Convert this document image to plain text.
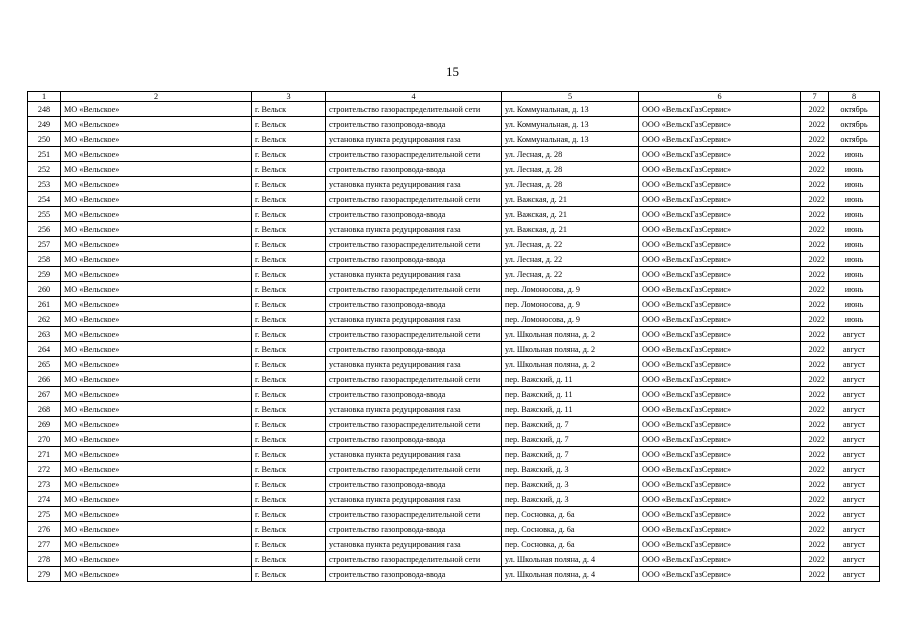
15
1	2	3	4	5	6	7	8
248	МО «Вельское»	г. Вельск	строительство газораспределительной сети	ул. Коммунальная, д. 13	ООО «ВельскГазСервис»	2022	октябрь
249	МО «Вельское»	г. Вельск	строительство газопровода-ввода	ул. Коммунальная, д. 13	ООО «ВельскГазСервис»	2022	октябрь
250	МО «Вельское»	г. Вельск	установка пункта редуцирования газа	ул. Коммунальная, д. 13	ООО «ВельскГазСервис»	2022	октябрь
251	МО «Вельское»	г. Вельск	строительство газораспределительной сети	ул. Лесная, д. 28	ООО «ВельскГазСервис»	2022	июнь
252	МО «Вельское»	г. Вельск	строительство газопровода-ввода	ул. Лесная, д. 28	ООО «ВельскГазСервис»	2022	июнь
253	МО «Вельское»	г. Вельск	установка пункта редуцирования газа	ул. Лесная, д. 28	ООО «ВельскГазСервис»	2022	июнь
254	МО «Вельское»	г. Вельск	строительство газораспределительной сети	ул. Важская, д. 21	ООО «ВельскГазСервис»	2022	июнь
255	МО «Вельское»	г. Вельск	строительство газопровода-ввода	ул. Важская, д. 21	ООО «ВельскГазСервис»	2022	июнь
256	МО «Вельское»	г. Вельск	установка пункта редуцирования газа	ул. Важская, д. 21	ООО «ВельскГазСервис»	2022	июнь
257	МО «Вельское»	г. Вельск	строительство газораспределительной сети	ул. Лесная, д. 22	ООО «ВельскГазСервис»	2022	июнь
258	МО «Вельское»	г. Вельск	строительство газопровода-ввода	ул. Лесная, д. 22	ООО «ВельскГазСервис»	2022	июнь
259	МО «Вельское»	г. Вельск	установка пункта редуцирования газа	ул. Лесная, д. 22	ООО «ВельскГазСервис»	2022	июнь
260	МО «Вельское»	г. Вельск	строительство газораспределительной сети	пер. Ломоносова, д. 9	ООО «ВельскГазСервис»	2022	июнь
261	МО «Вельское»	г. Вельск	строительство газопровода-ввода	пер. Ломоносова, д. 9	ООО «ВельскГазСервис»	2022	июнь
262	МО «Вельское»	г. Вельск	установка пункта редуцирования газа	пер. Ломоносова, д. 9	ООО «ВельскГазСервис»	2022	июнь
263	МО «Вельское»	г. Вельск	строительство газораспределительной сети	ул. Школьная поляна, д. 2	ООО «ВельскГазСервис»	2022	август
264	МО «Вельское»	г. Вельск	строительство газопровода-ввода	ул. Школьная поляна, д. 2	ООО «ВельскГазСервис»	2022	август
265	МО «Вельское»	г. Вельск	установка пункта редуцирования газа	ул. Школьная поляна, д. 2	ООО «ВельскГазСервис»	2022	август
266	МО «Вельское»	г. Вельск	строительство газораспределительной сети	пер. Важский, д. 11	ООО «ВельскГазСервис»	2022	август
267	МО «Вельское»	г. Вельск	строительство газопровода-ввода	пер. Важский, д. 11	ООО «ВельскГазСервис»	2022	август
268	МО «Вельское»	г. Вельск	установка пункта редуцирования газа	пер. Важский, д. 11	ООО «ВельскГазСервис»	2022	август
269	МО «Вельское»	г. Вельск	строительство газораспределительной сети	пер. Важский, д. 7	ООО «ВельскГазСервис»	2022	август
270	МО «Вельское»	г. Вельск	строительство газопровода-ввода	пер. Важский, д. 7	ООО «ВельскГазСервис»	2022	август
271	МО «Вельское»	г. Вельск	установка пункта редуцирования газа	пер. Важский, д. 7	ООО «ВельскГазСервис»	2022	август
272	МО «Вельское»	г. Вельск	строительство газораспределительной сети	пер. Важский, д. 3	ООО «ВельскГазСервис»	2022	август
273	МО «Вельское»	г. Вельск	строительство газопровода-ввода	пер. Важский, д. 3	ООО «ВельскГазСервис»	2022	август
274	МО «Вельское»	г. Вельск	установка пункта редуцирования газа	пер. Важский, д. 3	ООО «ВельскГазСервис»	2022	август
275	МО «Вельское»	г. Вельск	строительство газораспределительной сети	пер. Сосновка, д. 6а	ООО «ВельскГазСервис»	2022	август
276	МО «Вельское»	г. Вельск	строительство газопровода-ввода	пер. Сосновка, д. 6а	ООО «ВельскГазСервис»	2022	август
277	МО «Вельское»	г. Вельск	установка пункта редуцирования газа	пер. Сосновка, д. 6а	ООО «ВельскГазСервис»	2022	август
278	МО «Вельское»	г. Вельск	строительство газораспределительной сети	ул. Школьная поляна, д. 4	ООО «ВельскГазСервис»	2022	август
279	МО «Вельское»	г. Вельск	строительство газопровода-ввода	ул. Школьная поляна, д. 4	ООО «ВельскГазСервис»	2022	август
